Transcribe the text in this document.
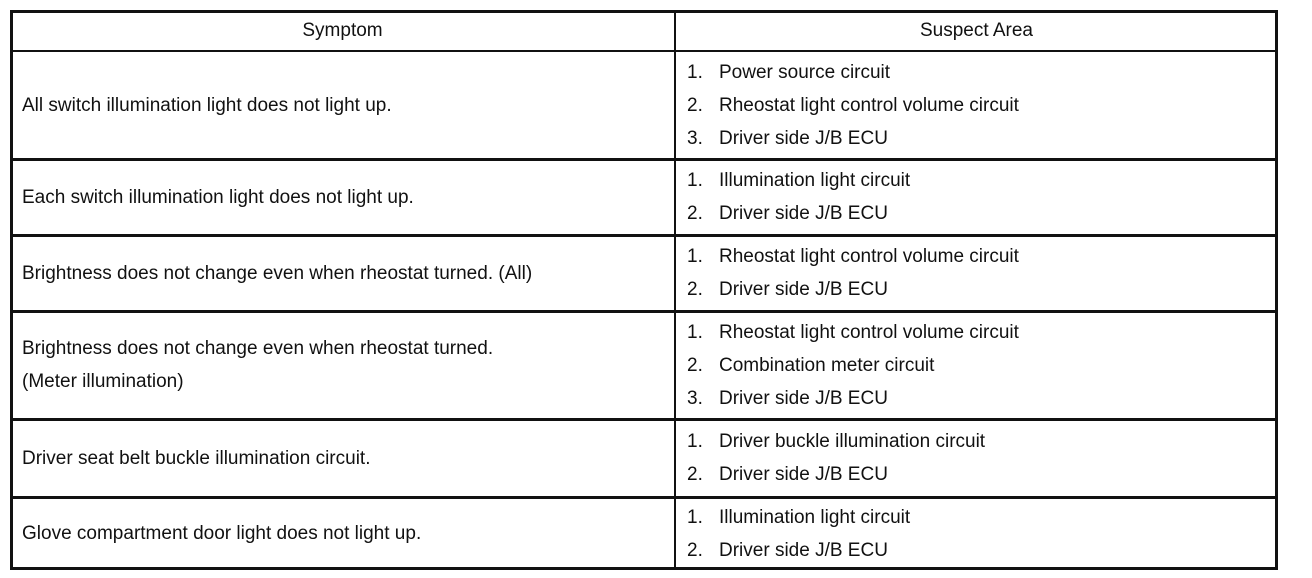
Symptom	Suspect Area
All switch illumination light does not light up.
1. Power source circuit
2. Rheostat light control volume circuit
3. Driver side J/B ECU
Each switch illumination light does not light up.
1. Illumination light circuit
2. Driver side J/B ECU
Brightness does not change even when rheostat turned. (All)
1. Rheostat light control volume circuit
2. Driver side J/B ECU
Brightness does not change even when rheostat turned.
(Meter illumination)
1. Rheostat light control volume circuit
2. Combination meter circuit
3. Driver side J/B ECU
Driver seat belt buckle illumination circuit.
1. Driver buckle illumination circuit
2. Driver side J/B ECU
Glove compartment door light does not light up.
1. Illumination light circuit
2. Driver side J/B ECU
